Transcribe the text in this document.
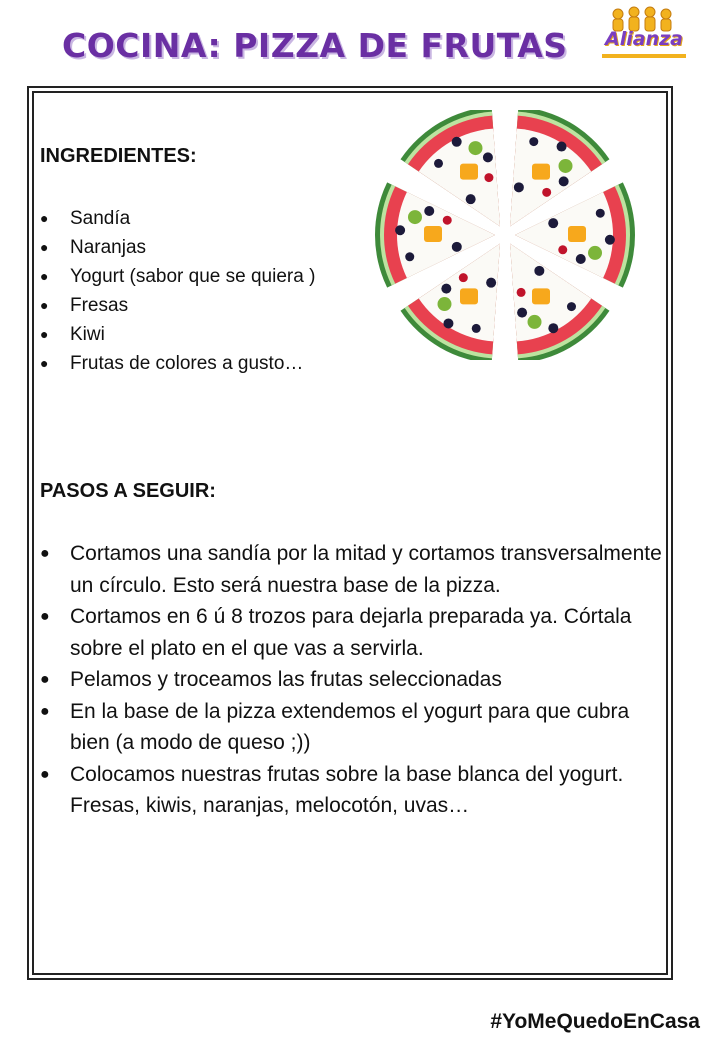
COCINA: PIZZA DE FRUTAS	Alianza
INGREDIENTES:
● Sandía
● Naranjas
● Yogurt (sabor que se quiera )
● Fresas
● Kiwi
● Frutas de colores a gusto…
PASOS A SEGUIR:
● Cortamos una sandía por la mitad y cortamos transversalmente un círculo. Esto será nuestra base de la pizza.
● Cortamos en 6 ú 8 trozos para dejarla preparada ya. Córtala sobre el plato en el que vas a servirla.
● Pelamos y troceamos las frutas seleccionadas
● En la base de la pizza extendemos el yogurt para que cubra bien (a modo de queso ;))
● Colocamos nuestras frutas sobre la base blanca del yogurt. Fresas, kiwis, naranjas, melocotón, uvas…
#YoMeQuedoEnCasa
